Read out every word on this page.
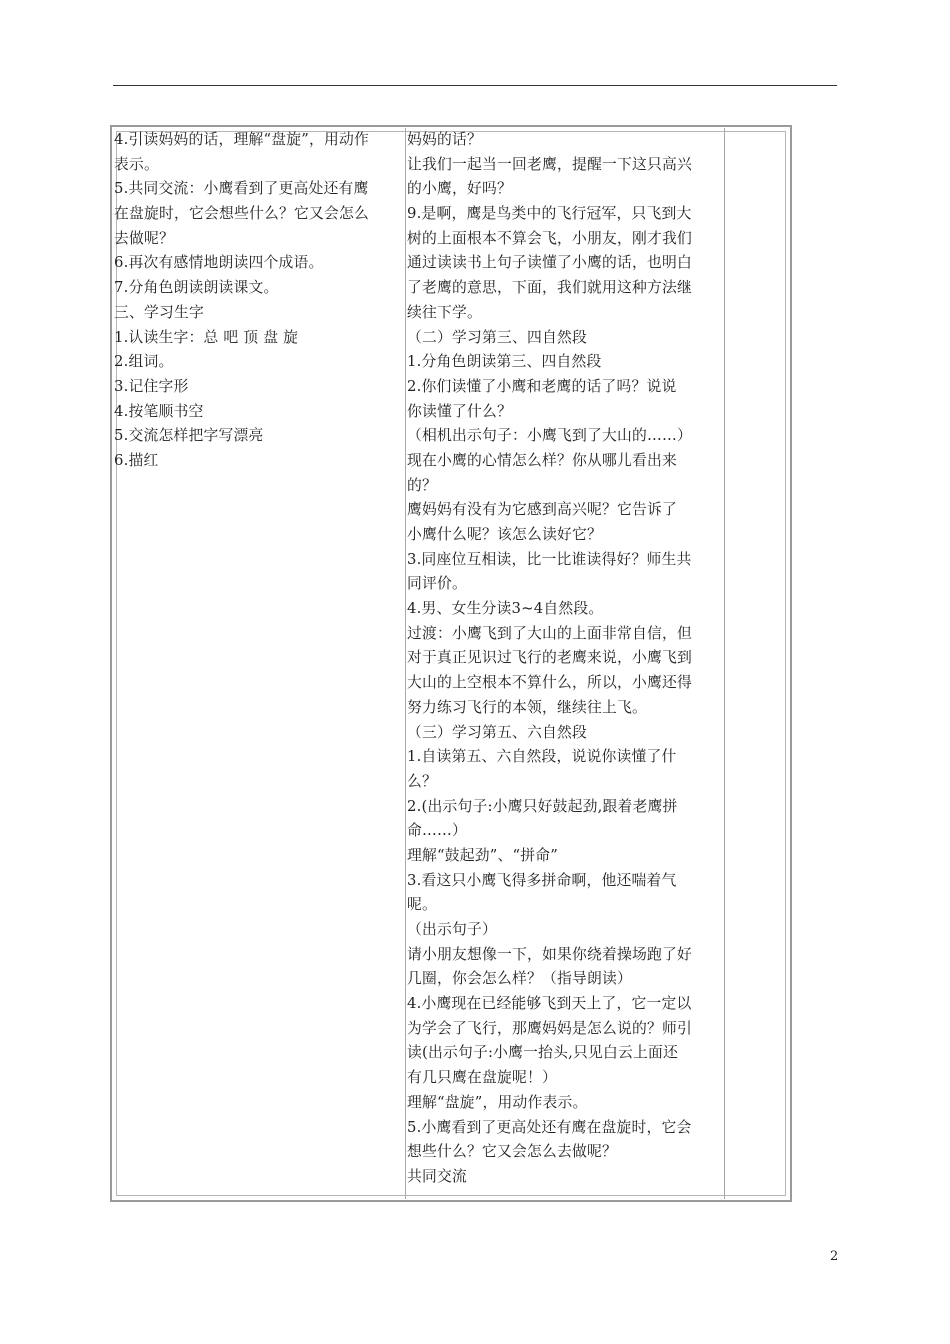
4.引读妈妈的话，理解“盘旋”，用动作
表示。
5.共同交流：小鹰看到了更高处还有鹰
在盘旋时，它会想些什么？它又会怎么
去做呢？
6.再次有感情地朗读四个成语。
7.分角色朗读朗读课文。
三、学习生字
1.认读生字：总 吧 顶 盘 旋
2.组词。
3.记住字形
4.按笔顺书空
5.交流怎样把字写漂亮
6.描红
妈妈的话？
让我们一起当一回老鹰，提醒一下这只高兴
的小鹰，好吗？
9.是啊，鹰是鸟类中的飞行冠军，只飞到大
树的上面根本不算会飞，小朋友，刚才我们
通过读读书上句子读懂了小鹰的话，也明白
了老鹰的意思，下面，我们就用这种方法继
续往下学。
（二）学习第三、四自然段
1.分角色朗读第三、四自然段
2.你们读懂了小鹰和老鹰的话了吗？说说
你读懂了什么？
（相机出示句子：小鹰飞到了大山的……）
现在小鹰的心情怎么样？你从哪儿看出来
的？
鹰妈妈有没有为它感到高兴呢？它告诉了
小鹰什么呢？该怎么读好它？
3.同座位互相读，比一比谁读得好？师生共
同评价。
4.男、女生分读3~4自然段。
过渡：小鹰飞到了大山的上面非常自信，但
对于真正见识过飞行的老鹰来说，小鹰飞到
大山的上空根本不算什么，所以，小鹰还得
努力练习飞行的本领，继续往上飞。
（三）学习第五、六自然段
1.自读第五、六自然段，说说你读懂了什
么？
2.(出示句子:小鹰只好鼓起劲,跟着老鹰拼
命……）
理解“鼓起劲”、“拼命”
3.看这只小鹰飞得多拼命啊，他还喘着气
呢。
（出示句子）
请小朋友想像一下，如果你绕着操场跑了好
几圈，你会怎么样？（指导朗读）
4.小鹰现在已经能够飞到天上了，它一定以
为学会了飞行，那鹰妈妈是怎么说的？师引
读(出示句子:小鹰一抬头,只见白云上面还
有几只鹰在盘旋呢！）
理解“盘旋”，用动作表示。
5.小鹰看到了更高处还有鹰在盘旋时，它会
想些什么？它又会怎么去做呢？
共同交流
2
